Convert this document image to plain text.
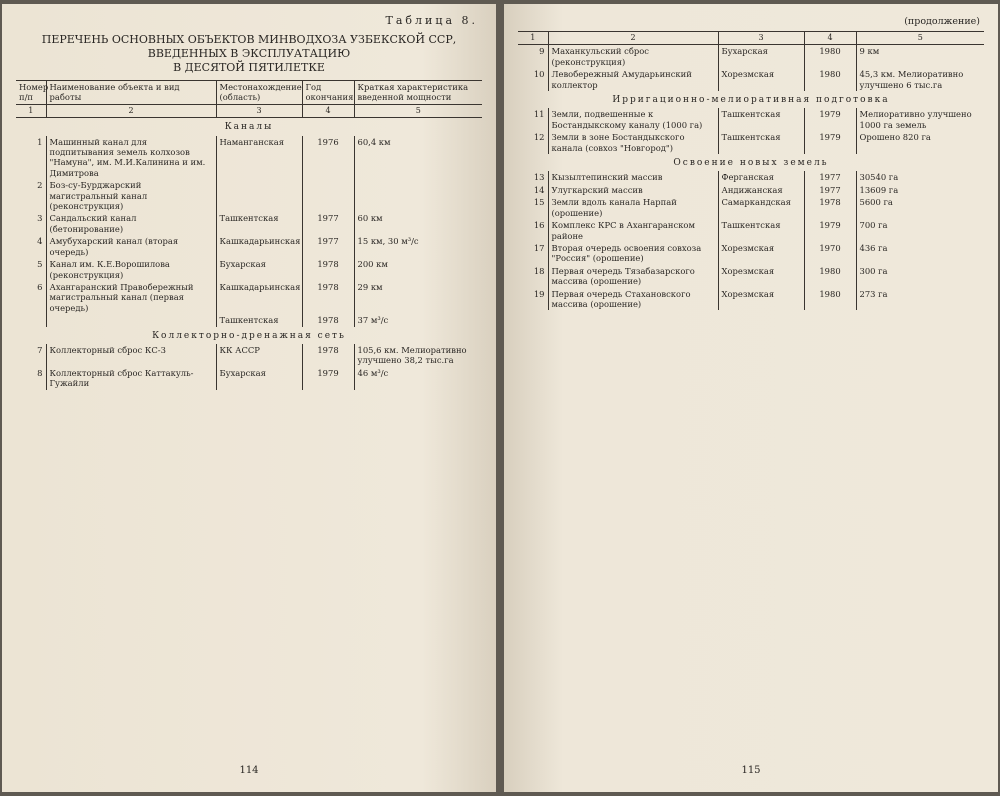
Таблица 8.
ПЕРЕЧЕНЬ ОСНОВНЫХ ОБЪЕКТОВ МИНВОДХОЗА УЗБЕКСКОЙ ССР, ВВЕДЕННЫХ В ЭКСПЛУАТАЦИЮ
В ДЕСЯТОЙ ПЯТИЛЕТКЕ
Номер п/п	Наименование объекта и вид работы	Местонахождение (область)	Год окончания	Краткая характеристика введенной мощности
1	2	3	4	5
Каналы				
1	Машинный канал для подпитывания земель колхозов "Намуна", им. М.И.Калинина и им. Димитрова	Наманганская	1976	60,4 км
2	Боз-су-Бурджарский магистральный канал (реконструкция)			
3	Сандальский канал (бетонирование)	Ташкентская	1977	60 км
4	Амубухарский канал (вторая очередь)	Кашкадарьинская	1977	15 км, 30 м³/с
5	Канал им. К.Е.Ворошилова (реконструкция)	Бухарская	1978	200 км
6	Ахангаранский Правобережный магистральный канал (первая очередь)	Кашкадарьинская	1978	29 км
		Ташкентская	1978	37 м³/с
Коллекторно-дренажная сеть				
7	Коллекторный сброс КС-3	КК АССР	1978	105,6 км. Мелиоративно улучшено 38,2 тыс.га
8	Коллекторный сброс Каттакуль-Гужайли	Бухарская	1979	46 м³/с
114
(продолжение)
1	2	3	4	5
9	Маханкульский сброс (реконструкция)	Бухарская	1980	9 км
10	Левобережный Амударьинский коллектор	Хорезмская	1980	45,3 км. Мелиоративно улучшено 6 тыс.га
Ирригационно-мелиоративная подготовка				
11	Земли, подвешенные к Бостандыкскому каналу (1000 га)	Ташкентская	1979	Мелиоративно улучшено 1000 га земель
12	Земли в зоне Бостандыкского канала (совхоз "Новгород")	Ташкентская	1979	Орошено 820 га
Освоение новых земель				
13	Кызылтепинский массив	Ферганская	1977	30540 га
14	Улугкарский массив	Андижанская	1977	13609 га
15	Земли вдоль канала Нарпай (орошение)	Самаркандская	1978	5600 га
16	Комплекс КРС в Ахангаранском районе	Ташкентская	1979	700 га
17	Вторая очередь освоения совхоза "Россия" (орошение)	Хорезмская	1970	436 га
18	Первая очередь Тязабазарского массива (орошение)	Хорезмская	1980	300 га
19	Первая очередь Стахановского массива (орошение)	Хорезмская	1980	273 га
115
